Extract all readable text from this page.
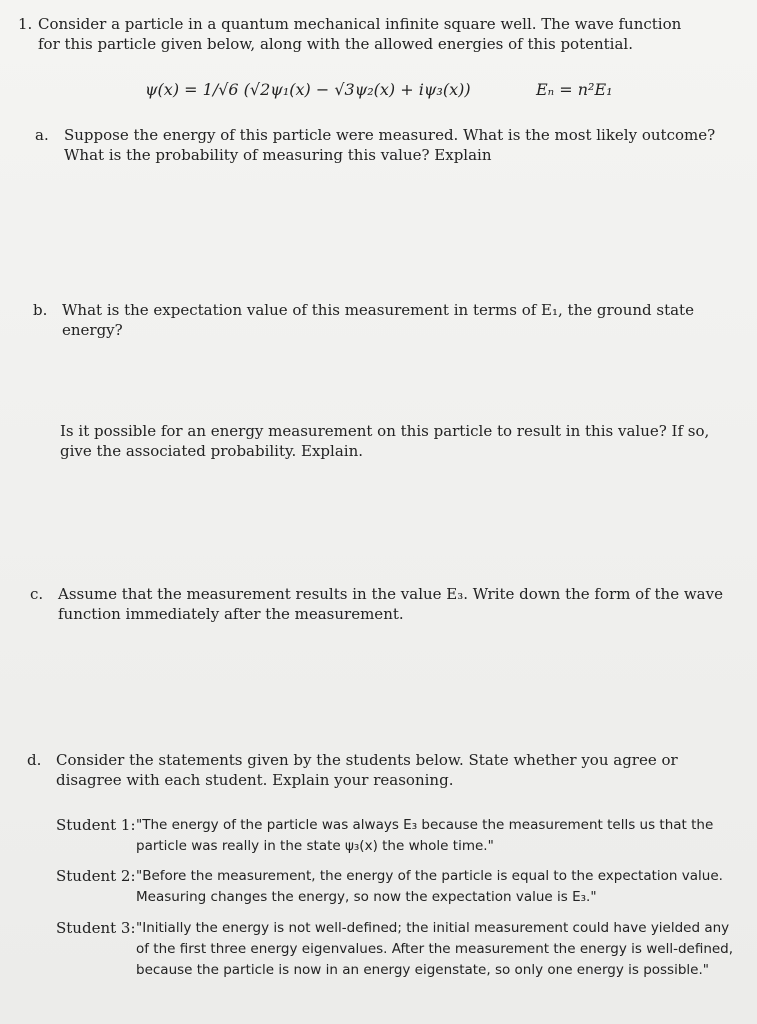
1. Consider a particle in a quantum mechanical infinite square well. The wave function for this particle given below, along with the allowed energies of this potential.
ψ(x) = 1/√6 (√2ψ₁(x) − √3ψ₂(x) + iψ₃(x))	Eₙ = n²E₁
a. Suppose the energy of this particle were measured. What is the most likely outcome? What is the probability of measuring this value? Explain
b. What is the expectation value of this measurement in terms of E₁, the ground state energy?
Is it possible for an energy measurement on this particle to result in this value? If so, give the associated probability. Explain.
c. Assume that the measurement results in the value E₃. Write down the form of the wave function immediately after the measurement.
d. Consider the statements given by the students below. State whether you agree or disagree with each student. Explain your reasoning.
Student 1: "The energy of the particle was always E₃ because the measurement tells us that the particle was really in the state ψ₃(x) the whole time."
Student 2: "Before the measurement, the energy of the particle is equal to the expectation value. Measuring changes the energy, so now the expectation value is E₃."
Student 3: "Initially the energy is not well-defined; the initial measurement could have yielded any of the first three energy eigenvalues. After the measurement the energy is well-defined, because the particle is now in an energy eigenstate, so only one energy is possible."
